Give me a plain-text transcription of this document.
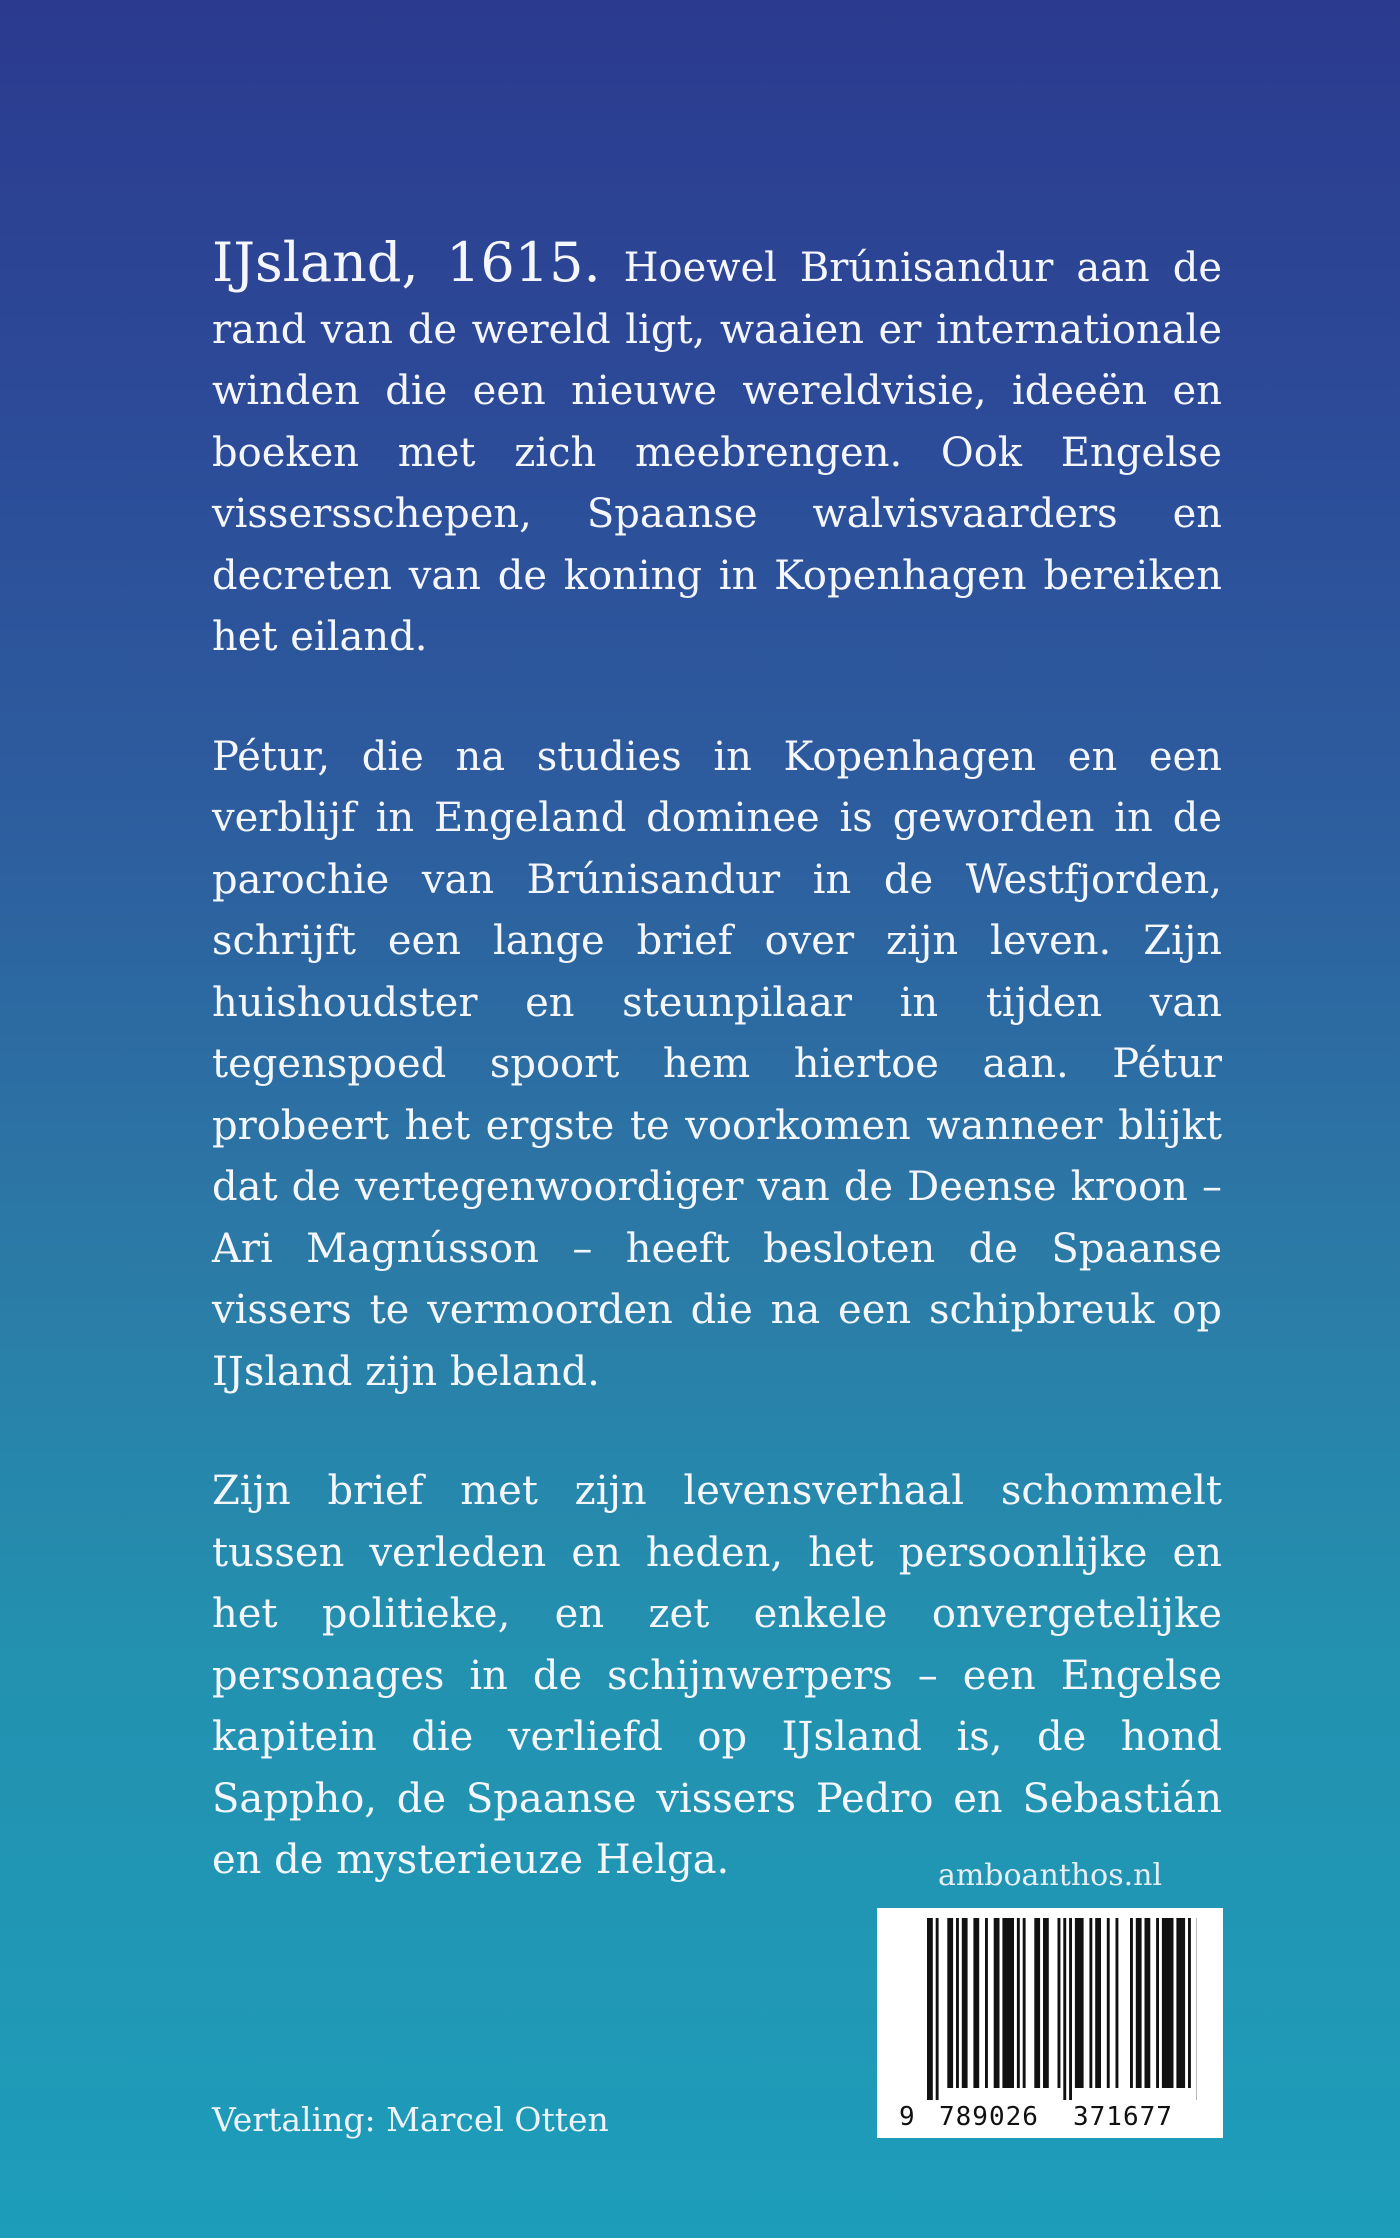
IJsland, 1615. Hoewel Brúnisandur aan de rand van de wereld ligt, waaien er internationale winden die een nieuwe wereldvisie, ideeën en boeken met zich meebrengen. Ook Engelse vissersschepen, Spaanse walvisvaarders en decreten van de koning in Kopenhagen bereiken het eiland.

Pétur, die na studies in Kopenhagen en een verblijf in Engeland dominee is geworden in de parochie van Brúnisandur in de Westfjorden, schrijft een lange brief over zijn leven. Zijn huishoudster en steunpilaar in tijden van tegenspoed spoort hem hiertoe aan. Pétur probeert het ergste te voorkomen wanneer blijkt dat de vertegenwoordiger van de Deense kroon – Ari Magnússon – heeft besloten de Spaanse vissers te vermoorden die na een schipbreuk op IJsland zijn beland.

Zijn brief met zijn levensverhaal schommelt tussen verleden en heden, het persoonlijke en het politieke, en zet enkele onvergetelijke personages in de schijnwerpers – een Engelse kapitein die verliefd op IJsland is, de hond Sappho, de Spaanse vissers Pedro en Sebastián en de mysterieuze Helga.	amboanthos.nl
9 789026 371677
Vertaling: Marcel Otten
